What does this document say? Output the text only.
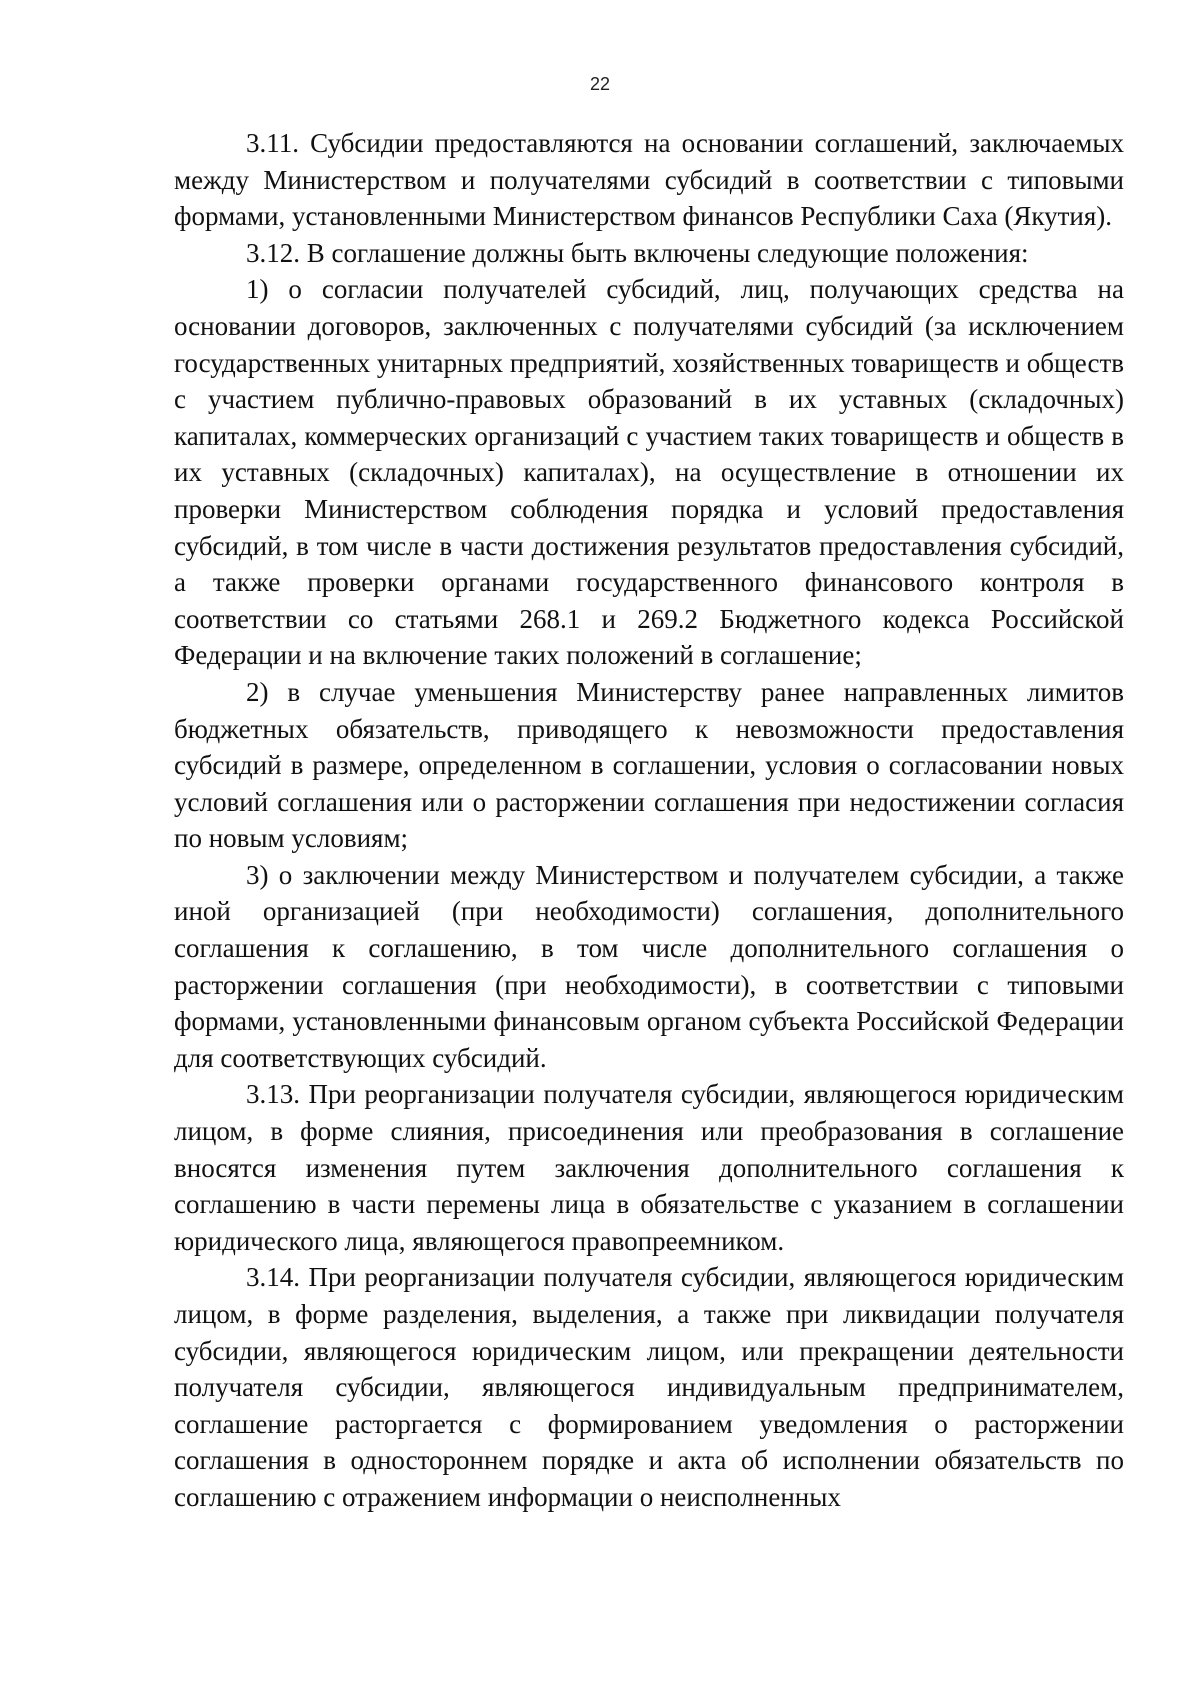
22

3.11. Субсидии предоставляются на основании соглашений, заключаемых между Министерством и получателями субсидий в соответствии с типовыми формами, установленными Министерством финансов Республики Саха (Якутия).

3.12. В соглашение должны быть включены следующие положения:

1) о согласии получателей субсидий, лиц, получающих средства на основании договоров, заключенных с получателями субсидий (за исключением государственных унитарных предприятий, хозяйственных товариществ и обществ с участием публично-правовых образований в их уставных (складочных) капиталах, коммерческих организаций с участием таких товариществ и обществ в их уставных (складочных) капиталах), на осуществление в отношении их проверки Министерством соблюдения порядка и условий предоставления субсидий, в том числе в части достижения результатов предоставления субсидий, а также проверки органами государственного финансового контроля в соответствии со статьями 268.1 и 269.2 Бюджетного кодекса Российской Федерации и на включение таких положений в соглашение;

2) в случае уменьшения Министерству ранее направленных лимитов бюджетных обязательств, приводящего к невозможности предоставления субсидий в размере, определенном в соглашении, условия о согласовании новых условий соглашения или о расторжении соглашения при недостижении согласия по новым условиям;

3) о заключении между Министерством и получателем субсидии, а также иной организацией (при необходимости) соглашения, дополнительного соглашения к соглашению, в том числе дополнительного соглашения о расторжении соглашения (при необходимости), в соответствии с типовыми формами, установленными финансовым органом субъекта Российской Федерации для соответствующих субсидий.

3.13. При реорганизации получателя субсидии, являющегося юридическим лицом, в форме слияния, присоединения или преобразования в соглашение вносятся изменения путем заключения дополнительного соглашения к соглашению в части перемены лица в обязательстве с указанием в соглашении юридического лица, являющегося правопреемником.

3.14. При реорганизации получателя субсидии, являющегося юридическим лицом, в форме разделения, выделения, а также при ликвидации получателя субсидии, являющегося юридическим лицом, или прекращении деятельности получателя субсидии, являющегося индивидуальным предпринимателем, соглашение расторгается с формированием уведомления о расторжении соглашения в одностороннем порядке и акта об исполнении обязательств по соглашению с отражением информации о неисполненных
